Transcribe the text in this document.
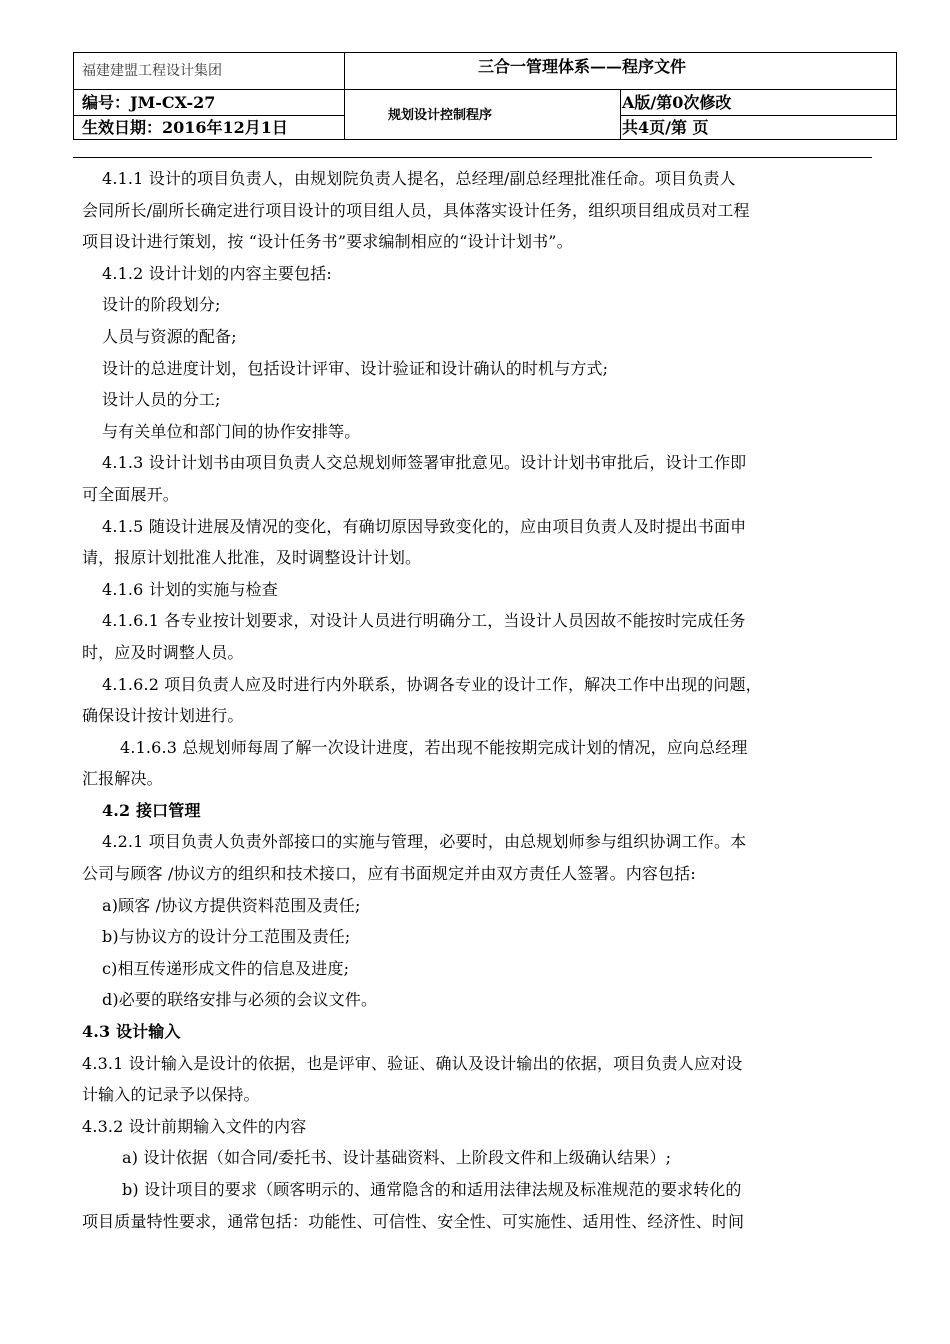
福建建盟工程设计集团	三合一管理体系——程序文件
编号：JM-CX-27
生效日期：2016年12月1日
规划设计控制程序
A版/第0次修改
共4页/第 页
4.1.1 设计的项目负责人，由规划院负责人提名，总经理/副总经理批准任命。项目负责人
会同所长/副所长确定进行项目设计的项目组人员，具体落实设计任务，组织项目组成员对工程
项目设计进行策划，按 “设计任务书”要求编制相应的“设计计划书”。
4.1.2 设计计划的内容主要包括:
设计的阶段划分;
人员与资源的配备;
设计的总进度计划，包括设计评审、设计验证和设计确认的时机与方式;
设计人员的分工;
与有关单位和部门间的协作安排等。
4.1.3 设计计划书由项目负责人交总规划师签署审批意见。设计计划书审批后，设计工作即
可全面展开。
4.1.5 随设计进展及情况的变化，有确切原因导致变化的，应由项目负责人及时提出书面申
请，报原计划批准人批准，及时调整设计计划。
4.1.6 计划的实施与检查
4.1.6.1 各专业按计划要求，对设计人员进行明确分工，当设计人员因故不能按时完成任务
时，应及时调整人员。
4.1.6.2 项目负责人应及时进行内外联系，协调各专业的设计工作，解决工作中出现的问题，
确保设计按计划进行。
4.1.6.3 总规划师每周了解一次设计进度，若出现不能按期完成计划的情况，应向总经理
汇报解决。
4.2 接口管理
4.2.1 项目负责人负责外部接口的实施与管理，必要时，由总规划师参与组织协调工作。本
公司与顾客 /协议方的组织和技术接口，应有书面规定并由双方责任人签署。内容包括:
a)顾客 /协议方提供资料范围及责任;
b)与协议方的设计分工范围及责任;
c)相互传递形成文件的信息及进度;
d)必要的联络安排与必须的会议文件。
4.3 设计输入
4.3.1 设计输入是设计的依据，也是评审、验证、确认及设计输出的依据，项目负责人应对设
计输入的记录予以保持。
4.3.2 设计前期输入文件的内容
a) 设计依据（如合同/委托书、设计基础资料、上阶段文件和上级确认结果）;
b) 设计项目的要求（顾客明示的、通常隐含的和适用法律法规及标准规范的要求转化的
项目质量特性要求，通常包括：功能性、可信性、安全性、可实施性、适用性、经济性、时间
